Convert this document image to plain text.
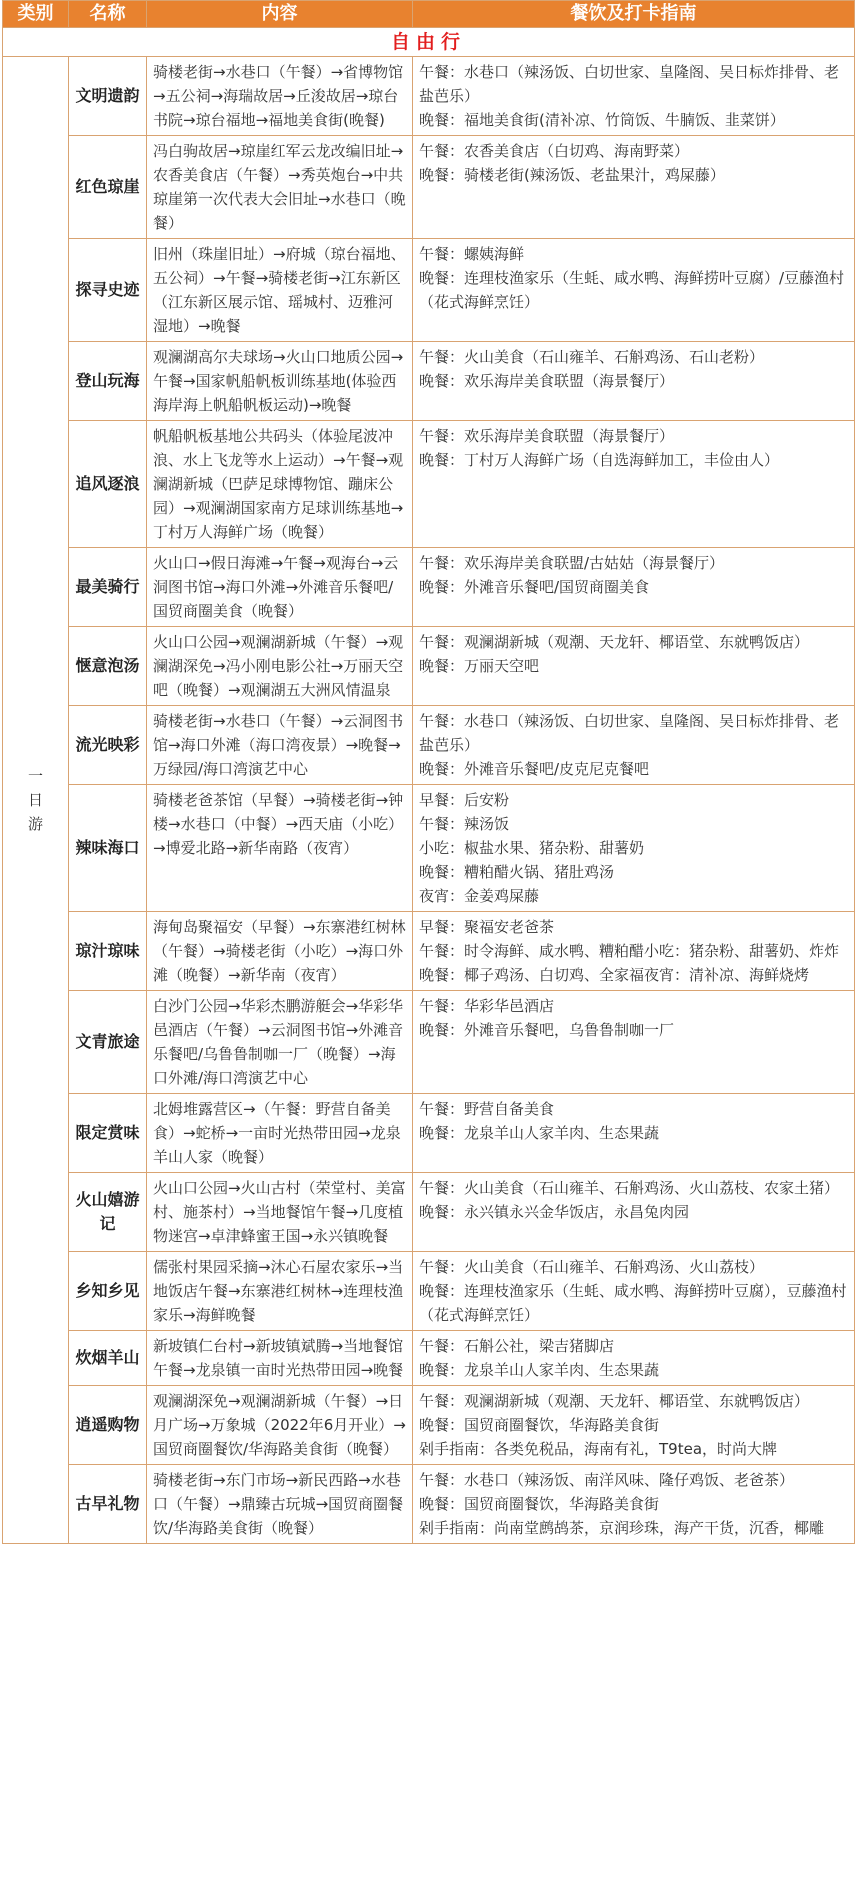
类别	名称	内容	餐饮及打卡指南
自由行			

一日游	文明遗韵	骑楼老街→水巷口（午餐）→省博物馆→五公祠→海瑞故居→丘浚故居→琼台书院→琼台福地→福地美食街(晚餐)	午餐：水巷口（辣汤饭、白切世家、皇隆阁、吴日标炸排骨、老盐芭乐）
晚餐：福地美食街(清补凉、竹筒饭、牛腩饭、韭菜饼）

	红色琼崖	冯白驹故居→琼崖红军云龙改编旧址→农香美食店（午餐）→秀英炮台→中共琼崖第一次代表大会旧址→水巷口（晚餐）	午餐：农香美食店（白切鸡、海南野菜）
晚餐：骑楼老街(辣汤饭、老盐果汁，鸡屎藤）

	探寻史迹	旧州（珠崖旧址）→府城（琼台福地、五公祠）→午餐→骑楼老街→江东新区（江东新区展示馆、瑶城村、迈雅河湿地）→晚餐	午餐：螺姨海鲜
晚餐：连理枝渔家乐（生蚝、咸水鸭、海鲜捞叶豆腐）/豆藤渔村（花式海鲜烹饪）

	登山玩海	观澜湖高尔夫球场→火山口地质公园→午餐→国家帆船帆板训练基地(体验西海岸海上帆船帆板运动)→晚餐	午餐：火山美食（石山雍羊、石斛鸡汤、石山老粉）
晚餐：欢乐海岸美食联盟（海景餐厅）

	追风逐浪	帆船帆板基地公共码头（体验尾波冲浪、水上飞龙等水上运动）→午餐→观澜湖新城（巴萨足球博物馆、蹦床公园）→观澜湖国家南方足球训练基地→丁村万人海鲜广场（晚餐）	午餐：欢乐海岸美食联盟（海景餐厅）
晚餐：丁村万人海鲜广场（自选海鲜加工，丰俭由人）

	最美骑行	火山口→假日海滩→午餐→观海台→云洞图书馆→海口外滩→外滩音乐餐吧/国贸商圈美食（晚餐）	午餐：欢乐海岸美食联盟/古姑姑（海景餐厅）
晚餐：外滩音乐餐吧/国贸商圈美食

	惬意泡汤	火山口公园→观澜湖新城（午餐）→观澜湖深免→冯小刚电影公社→万丽天空吧（晚餐）→观澜湖五大洲风情温泉	午餐：观澜湖新城（观潮、天龙轩、椰语堂、东就鸭饭店）
晚餐：万丽天空吧

	流光映彩	骑楼老街→水巷口（午餐）→云洞图书馆→海口外滩（海口湾夜景）→晚餐→万绿园/海口湾演艺中心	午餐：水巷口（辣汤饭、白切世家、皇隆阁、吴日标炸排骨、老盐芭乐）
晚餐：外滩音乐餐吧/皮克尼克餐吧

	辣味海口	骑楼老爸茶馆（早餐）→骑楼老街→钟楼→水巷口（中餐）→西天庙（小吃）→博爱北路→新华南路（夜宵）	早餐：后安粉
午餐：辣汤饭
小吃：椒盐水果、猪杂粉、甜薯奶
晚餐：糟粕醋火锅、猪肚鸡汤
夜宵：金姜鸡屎藤

	琼汁琼味	海甸岛聚福安（早餐）→东寨港红树林（午餐）→骑楼老街（小吃）→海口外滩（晚餐）→新华南（夜宵）	早餐：聚福安老爸茶
午餐：时令海鲜、咸水鸭、糟粕醋小吃：猪杂粉、甜薯奶、炸炸
晚餐：椰子鸡汤、白切鸡、全家福夜宵：清补凉、海鲜烧烤

	文青旅途	白沙门公园→华彩杰鹏游艇会→华彩华邑酒店（午餐）→云洞图书馆→外滩音乐餐吧/乌鲁鲁制咖一厂（晚餐）→海口外滩/海口湾演艺中心	午餐：华彩华邑酒店
晚餐：外滩音乐餐吧，乌鲁鲁制咖一厂

	限定赏味	北姆堆露营区→（午餐：野营自备美食）→蛇桥→一亩时光热带田园→龙泉羊山人家（晚餐）	午餐：野营自备美食
晚餐：龙泉羊山人家羊肉、生态果蔬

	火山嬉游记	火山口公园→火山古村（荣堂村、美富村、施茶村）→当地餐馆午餐→几度植物迷宫→卓津蜂蜜王国→永兴镇晚餐	午餐：火山美食（石山雍羊、石斛鸡汤、火山荔枝、农家土猪）
晚餐：永兴镇永兴金华饭店，永昌兔肉园

	乡知乡见	儒张村果园采摘→沐心石屋农家乐→当地饭店午餐→东寨港红树林→连理枝渔家乐→海鲜晚餐	午餐：火山美食（石山雍羊、石斛鸡汤、火山荔枝）
晚餐：连理枝渔家乐（生蚝、咸水鸭、海鲜捞叶豆腐），豆藤渔村（花式海鲜烹饪）

	炊烟羊山	新坡镇仁台村→新坡镇斌腾→当地餐馆午餐→龙泉镇一亩时光热带田园→晚餐	午餐：石斛公社，梁吉猪脚店
晚餐：龙泉羊山人家羊肉、生态果蔬

	逍遥购物	观澜湖深免→观澜湖新城（午餐）→日月广场→万象城（2022年6月开业）→国贸商圈餐饮/华海路美食街（晚餐）	午餐：观澜湖新城（观潮、天龙轩、椰语堂、东就鸭饭店）
晚餐：国贸商圈餐饮，华海路美食街
剁手指南：各类免税品，海南有礼，T9tea，时尚大牌

	古早礼物	骑楼老街→东门市场→新民西路→水巷口（午餐）→鼎臻古玩城→国贸商圈餐饮/华海路美食街（晚餐）	午餐：水巷口（辣汤饭、南洋风味、隆仔鸡饭、老爸茶）
晚餐：国贸商圈餐饮，华海路美食街
剁手指南：尚南堂鹧鸪茶，京润珍珠，海产干货，沉香，椰雕
